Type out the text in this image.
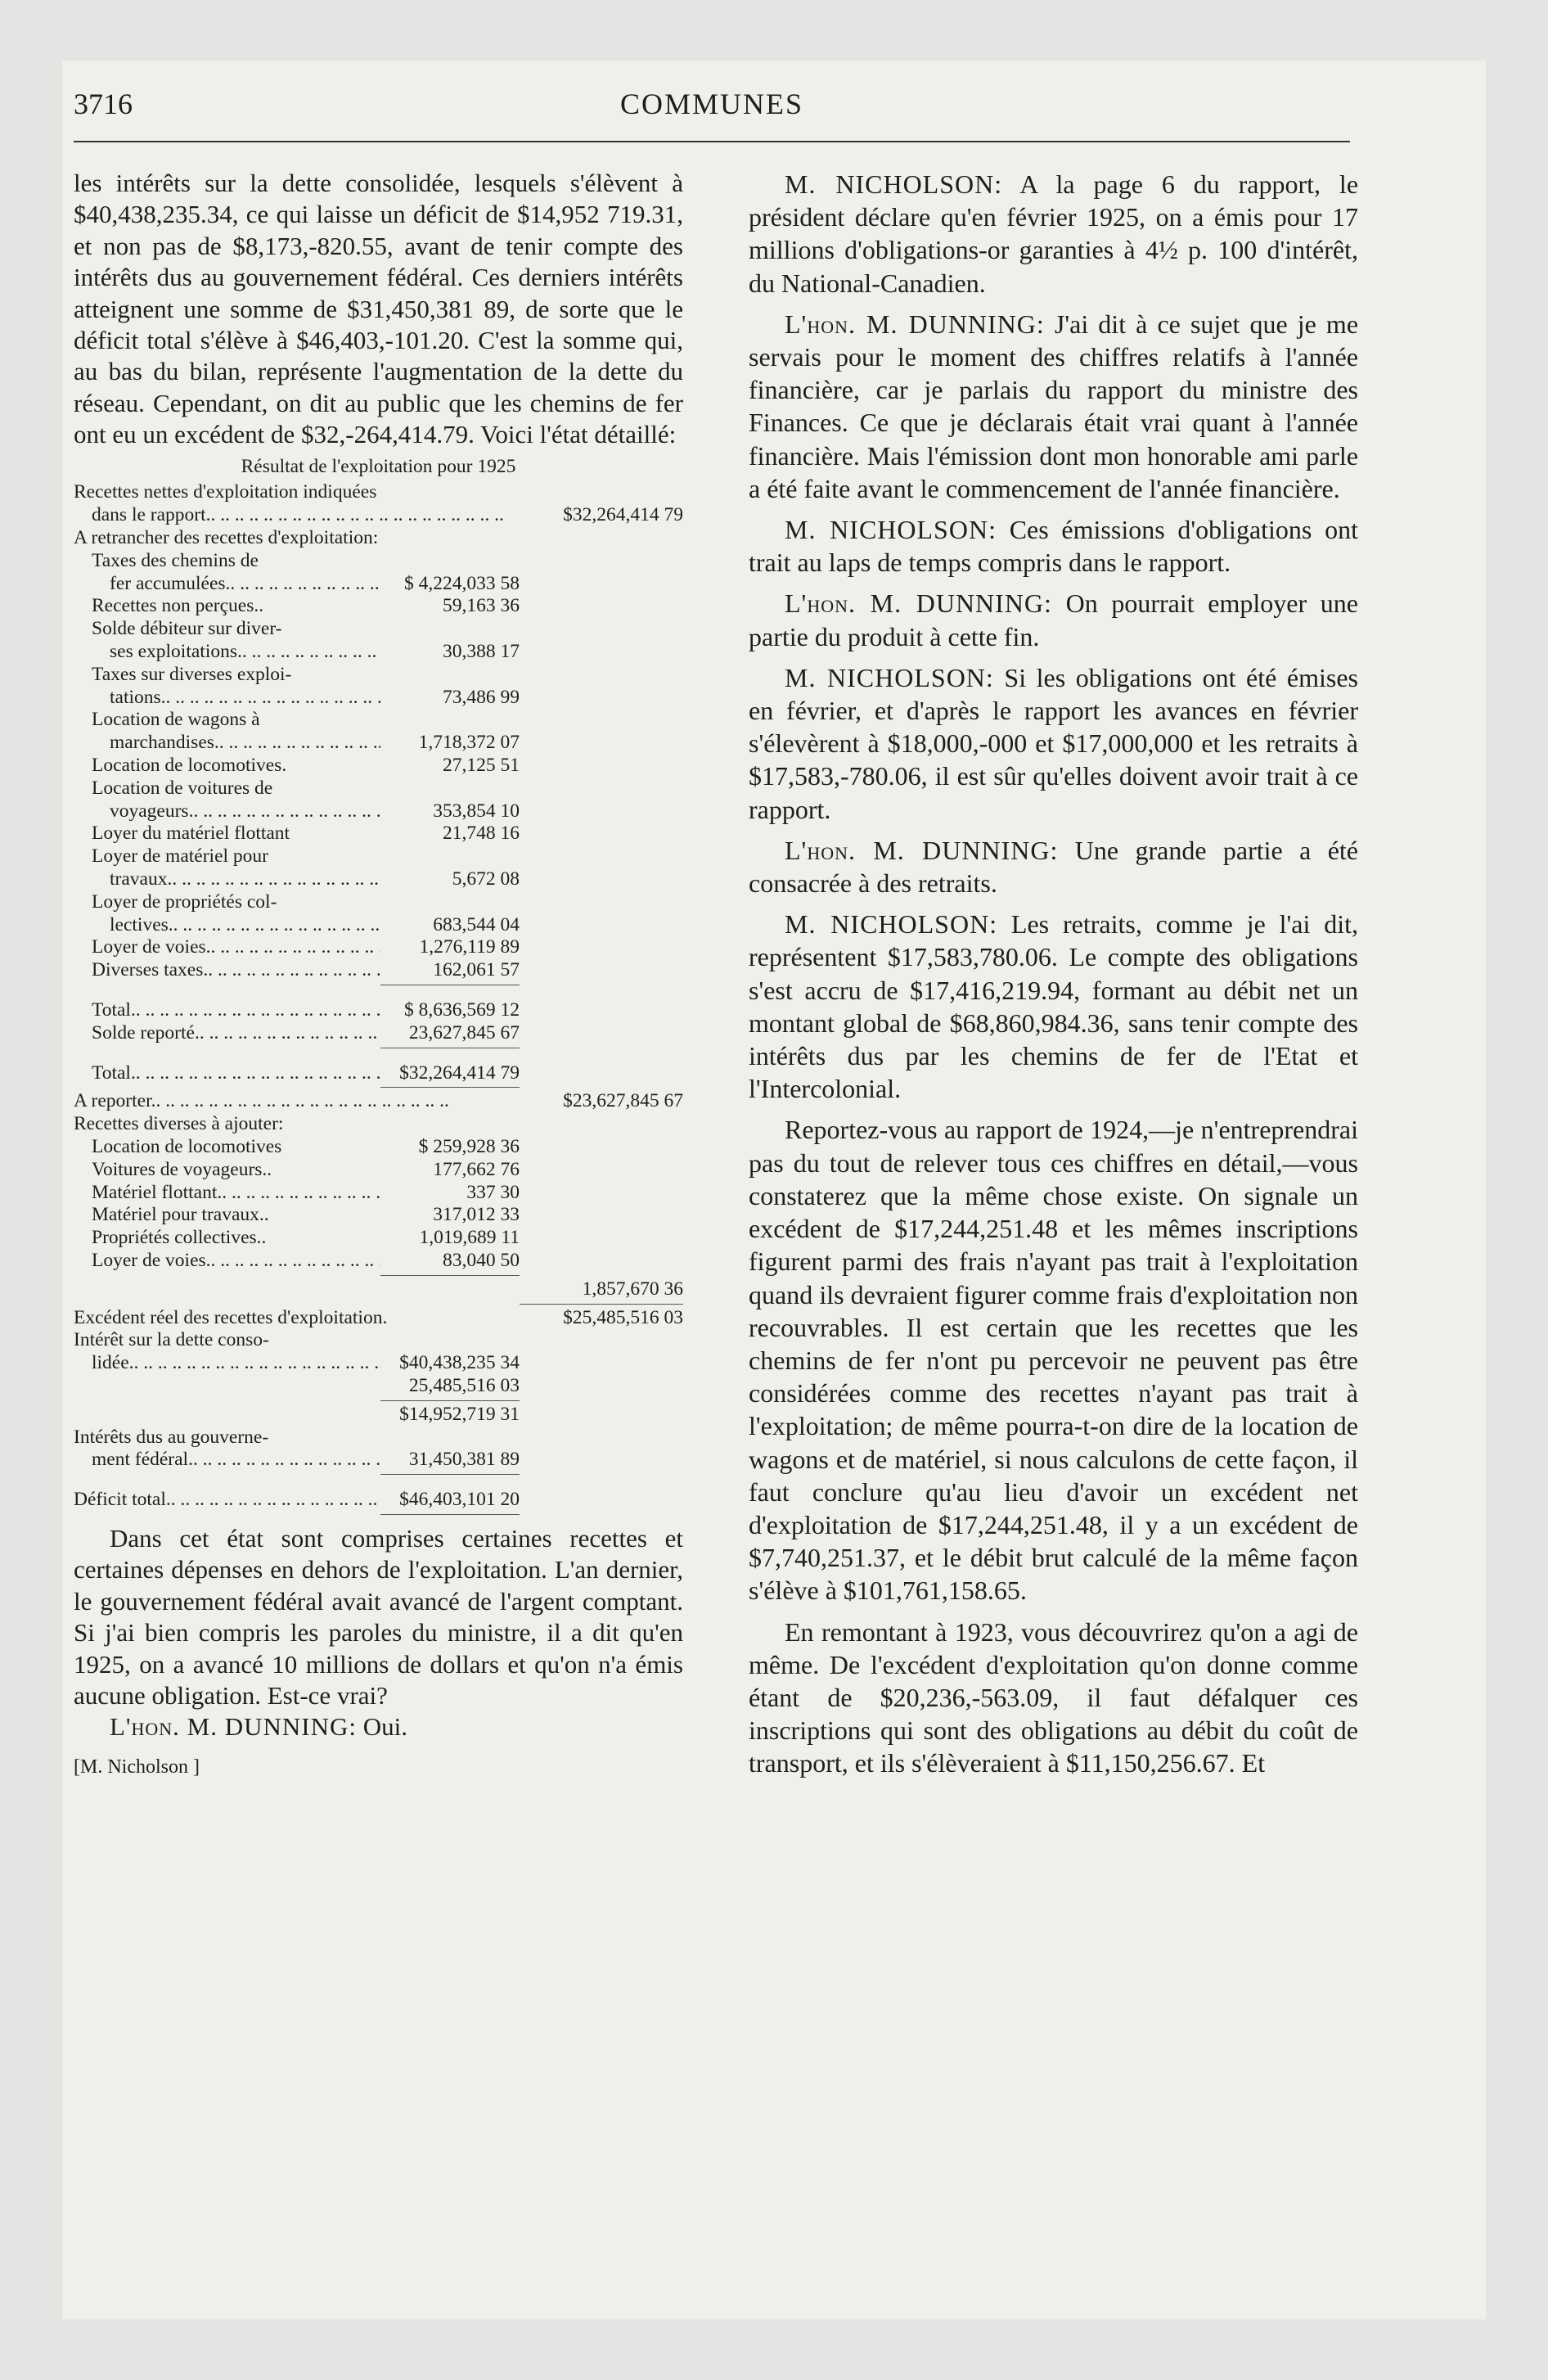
COMMUNES
3716

les intérêts sur la dette consolidée, lesquels s'élèvent à $40,438,235.34, ce qui laisse un déficit de $14,952 719.31, et non pas de $8,173,-820.55, avant de tenir compte des intérêts dus au gouvernement fédéral. Ces derniers intérêts atteignent une somme de $31,450,381 89, de sorte que le déficit total s'élève à $46,403,-101.20. C'est la somme qui, au bas du bilan, représente l'augmentation de la dette du réseau. Cependant, on dit au public que les chemins de fer ont eu un excédent de $32,-264,414.79. Voici l'état détaillé:

Résultat de l'exploitation pour 1925
Recettes nettes d'exploitation indiquées
dans le rapport.. .. ..	$32,264,414 79
A retrancher des recettes d'exploitation:
Taxes des chemins de
fer accumulées.. .. ..	$ 4,224,033 58
Recettes non perçues..	59,163 36
Solde débiteur sur diver-
ses exploitations.. .. ..	30,388 17
Taxes sur diverses exploi-
tations.. .. ..	73,486 99
Location de wagons à
marchandises.. .. ..	1,718,372 07
Location de locomotives.	27,125 51
Location de voitures de
voyageurs.. .. ..	353,854 10
Loyer du matériel flottant	21,748 16
Loyer de matériel pour
travaux.. .. ..	5,672 08
Loyer de propriétés col-
lectives.. .. ..	683,544 04
Loyer de voies.. .. ..	1,276,119 89
Diverses taxes.. .. ..	162,061 57
Total.. .. ..	$ 8,636,569 12
Solde reporté.. .. ..	23,627,845 67
Total.. .. ..	$32,264,414 79
A reporter.. .. ..	$23,627,845 67
Recettes diverses à ajouter:
Location de locomotives	$ 259,928 36
Voitures de voyageurs..	177,662 76
Matériel flottant.. .. ..	337 30
Matériel pour travaux..	317,012 33
Propriétés collectives..	1,019,689 11
Loyer de voies.. .. ..	83,040 50
1,857,670 36
Excédent réel des recettes d'exploitation.	$25,485,516 03
Intérêt sur la dette conso-
lidée.. .. ..	$40,438,235 34
25,485,516 03
$14,952,719 31
Intérêts dus au gouverne-
ment fédéral.. .. ..	31,450,381 89
Déficit total.. .. ..	$46,403,101 20

Dans cet état sont comprises certaines recettes et certaines dépenses en dehors de l'exploitation. L'an dernier, le gouvernement fédéral avait avancé de l'argent comptant. Si j'ai bien compris les paroles du ministre, il a dit qu'en 1925, on a avancé 10 millions de dollars et qu'on n'a émis aucune obligation. Est-ce vrai?

L'hon. M. DUNNING: Oui.

[M. Nicholson ]

M. NICHOLSON: A la page 6 du rapport, le président déclare qu'en février 1925, on a émis pour 17 millions d'obligations-or garanties à 4½ p. 100 d'intérêt, du National-Canadien.

L'hon. M. DUNNING: J'ai dit à ce sujet que je me servais pour le moment des chiffres relatifs à l'année financière, car je parlais du rapport du ministre des Finances. Ce que je déclarais était vrai quant à l'année financière. Mais l'émission dont mon honorable ami parle a été faite avant le commencement de l'année financière.

M. NICHOLSON: Ces émissions d'obligations ont trait au laps de temps compris dans le rapport.

L'hon. M. DUNNING: On pourrait employer une partie du produit à cette fin.

M. NICHOLSON: Si les obligations ont été émises en février, et d'après le rapport les avances en février s'élevèrent à $18,000,-000 et $17,000,000 et les retraits à $17,583,-780.06, il est sûr qu'elles doivent avoir trait à ce rapport.

L'hon. M. DUNNING: Une grande partie a été consacrée à des retraits.

M. NICHOLSON: Les retraits, comme je l'ai dit, représentent $17,583,780.06. Le compte des obligations s'est accru de $17,416,219.94, formant au débit net un montant global de $68,860,984.36, sans tenir compte des intérêts dus par les chemins de fer de l'Etat et l'Intercolonial.

Reportez-vous au rapport de 1924,—je n'entreprendrai pas du tout de relever tous ces chiffres en détail,—vous constaterez que la même chose existe. On signale un excédent de $17,244,251.48 et les mêmes inscriptions figurent parmi des frais n'ayant pas trait à l'exploitation quand ils devraient figurer comme frais d'exploitation non recouvrables. Il est certain que les recettes que les chemins de fer n'ont pu percevoir ne peuvent pas être considérées comme des recettes n'ayant pas trait à l'exploitation; de même pourra-t-on dire de la location de wagons et de matériel, si nous calculons de cette façon, il faut conclure qu'au lieu d'avoir un excédent net d'exploitation de $17,244,251.48, il y a un excédent de $7,740,251.37, et le débit brut calculé de la même façon s'élève à $101,761,158.65.

En remontant à 1923, vous découvrirez qu'on a agi de même. De l'excédent d'exploitation qu'on donne comme étant de $20,236,-563.09, il faut défalquer ces inscriptions qui sont des obligations au débit du coût de transport, et ils s'élèveraient à $11,150,256.67. Et
